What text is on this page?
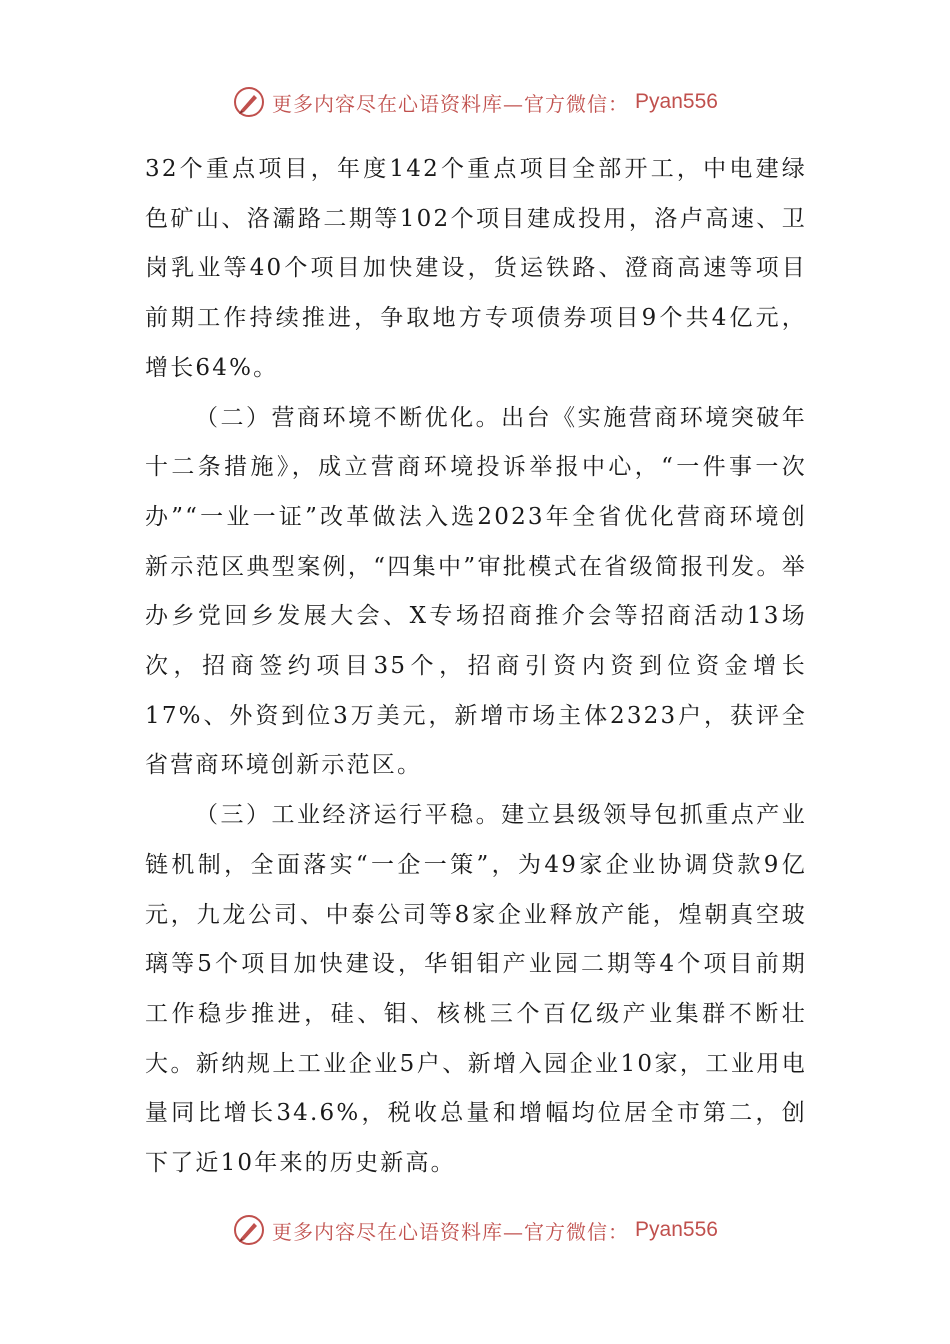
更多内容尽在心语资料库—官方微信： Pyan556

32个重点项目，年度142个重点项目全部开工，中电建绿色矿山、洛灞路二期等102个项目建成投用，洛卢高速、卫岗乳业等40个项目加快建设，货运铁路、澄商高速等项目前期工作持续推进，争取地方专项债券项目9个共4亿元，增长64%。

（二）营商环境不断优化。出台《实施营商环境突破年十二条措施》，成立营商环境投诉举报中心，“一件事一次办”“一业一证”改革做法入选2023年全省优化营商环境创新示范区典型案例，“四集中”审批模式在省级简报刊发。举办乡党回乡发展大会、X专场招商推介会等招商活动13场次，招商签约项目35个，招商引资内资到位资金增长17%、外资到位3万美元，新增市场主体2323户，获评全省营商环境创新示范区。

（三）工业经济运行平稳。建立县级领导包抓重点产业链机制，全面落实“一企一策”，为49家企业协调贷款9亿元，九龙公司、中泰公司等8家企业释放产能，煌朝真空玻璃等5个项目加快建设，华钼钼产业园二期等4个项目前期工作稳步推进，硅、钼、核桃三个百亿级产业集群不断壮大。新纳规上工业企业5户、新增入园企业10家，工业用电量同比增长34.6%，税收总量和增幅均位居全市第二，创下了近10年来的历史新高。

更多内容尽在心语资料库—官方微信： Pyan556
